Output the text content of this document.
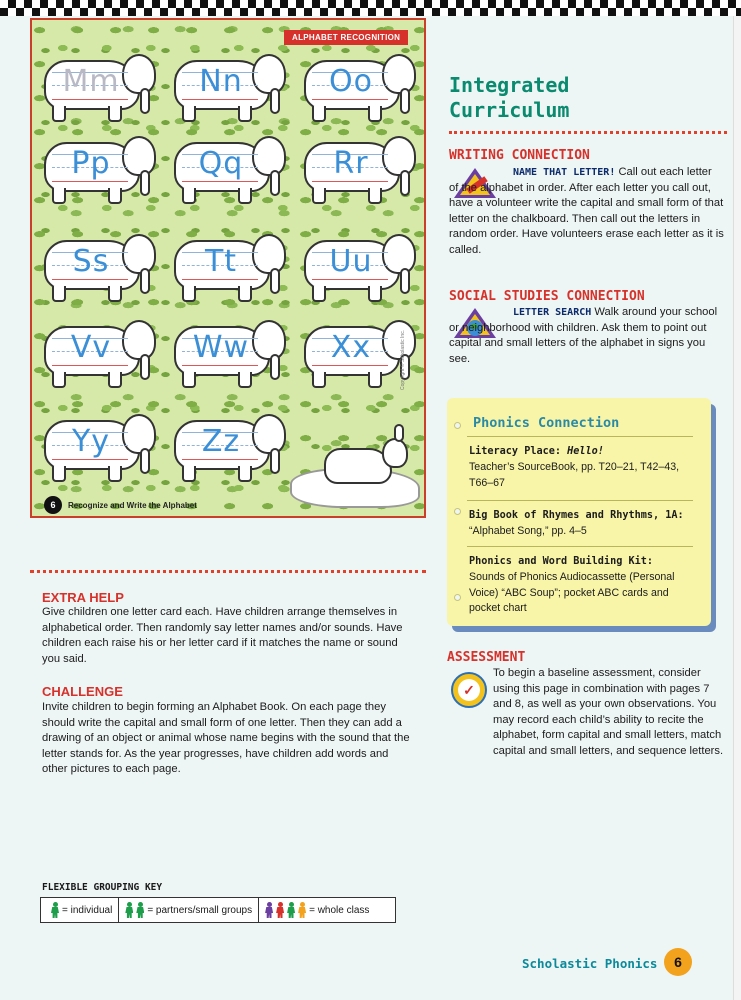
ALPHABET RECOGNITION
Mm	Nn	Oo
Pp	Qq	Rr
Ss	Tt	Uu
Vv	Ww	Xx
Yy	Zz
Copyright © Scholastic Inc.
6	Recognize and Write the Alphabet
Integrated
Curriculum
WRITING CONNECTION
NAME THAT LETTER! Call out each letter of the alphabet in order. After each letter you call out, have a volunteer write the capital and small form of that letter on the chalkboard. Then call out the letters in random order. Have volunteers erase each letter as it is called.
SOCIAL STUDIES CONNECTION
LETTER SEARCH Walk around your school or neighborhood with children. Ask them to point out capital and small letters of the alphabet in signs you see.
Phonics Connection
Literacy Place: Hello!
Teacher’s SourceBook, pp. T20–21, T42–43, T66–67
Big Book of Rhymes and Rhythms, 1A: “Alphabet Song,” pp. 4–5
Phonics and Word Building Kit:
Sounds of Phonics Audiocassette (Personal Voice) “ABC Soup”; pocket ABC cards and pocket chart
ASSESSMENT
✓
To begin a baseline assessment, consider using this page in combination with pages 7 and 8, as well as your own observations. You may record each child’s ability to recite the alphabet, form capital and small letters, match capital and small letters, and sequence letters.
EXTRA HELP
Give children one letter card each. Have children arrange themselves in alphabetical order. Then randomly say letter names and/or sounds. Have children each raise his or her letter card if it matches the name or sound you said.
CHALLENGE
Invite children to begin forming an Alphabet Book. On each page they should write the capital and small form of one letter. Then they can add a drawing of an object or animal whose name begins with the sound that the letter stands for. As the year progresses, have children add words and other pictures to each page.
FLEXIBLE GROUPING KEY
= individual	= partners/small groups	= whole class
Scholastic Phonics	6
